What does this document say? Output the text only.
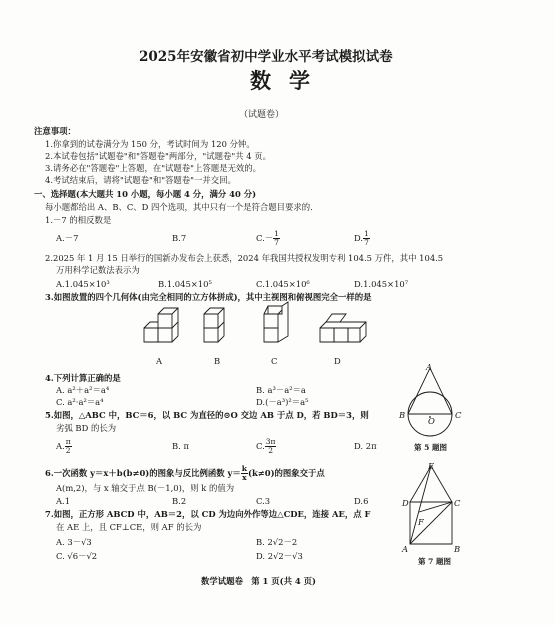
2025年安徽省初中学业水平考试模拟试卷
数学
（试题卷）
注意事项：
1.你拿到的试卷满分为 150 分，考试时间为 120 分钟。
2.本试卷包括"试题卷"和"答题卷"两部分，"试题卷"共 4 页。
3.请务必在"答题卷"上答题，在"试题卷"上答题是无效的。
4.考试结束后，请将"试题卷"和"答题卷"一并交回。
一、选择题(本大题共 10 小题，每小题 4 分，满分 40 分)
每小题都给出 A、B、C、D 四个选项，其中只有一个是符合题目要求的.
1.－7 的相反数是
A.－7	B.7	$C.- \frac{1}{7}$	D. $\frac{1}{7}$
2.2025 年 1 月 15 日举行的国新办发布会上获悉，2024 年我国共授权发明专利 104.5 万件，其中 104.5
万用科学记数法表示为
A.1.045×10³	B.1.045×10⁵	C.1.045×10⁶	D.1.045×10⁷
3.如图放置的四个几何体(由完全相同的立方体拼成)，其中主视图和俯视图完全一样的是
A	B	C	D
4.下列计算正确的是
A. a²＋a²＝a⁴	B. a³－a²＝a
C. a²·a²＝a⁴	D.(－a³)²＝a⁵
5.如图，△ABC 中，BC＝6，以 BC 为直径的⊙O 交边 AB 于点 D，若 BD＝3，则
劣弧 BD 的长为
A. $\frac{\pi}{2}$	B. π	C. $\frac{3\pi}{2}$	D. 2π
A
B	C
O
第 5 题图
6.一次函数 y＝x＋b(b≠0)的图象与反比例函数 $y= \frac{k}{x} (k\ne 0)$的图象交于点
A(m,2)，与 x 轴交于点 B(－1,0)，则 k 的值为
A.1	B.2	C.3	D.6
7.如图，正方形 ABCD 中，AB＝2，以 CD 为边向外作等边△CDE，连接 AE，点 F
在 AE 上，且 CF⊥CE，则 AF 的长为
A. 3－√3	B. 2√2－2
C. √6－√2	D. 2√2－√3
E
D	C
F
A	B
第 7 题图
数学试题卷　第 1 页(共 4 页)
